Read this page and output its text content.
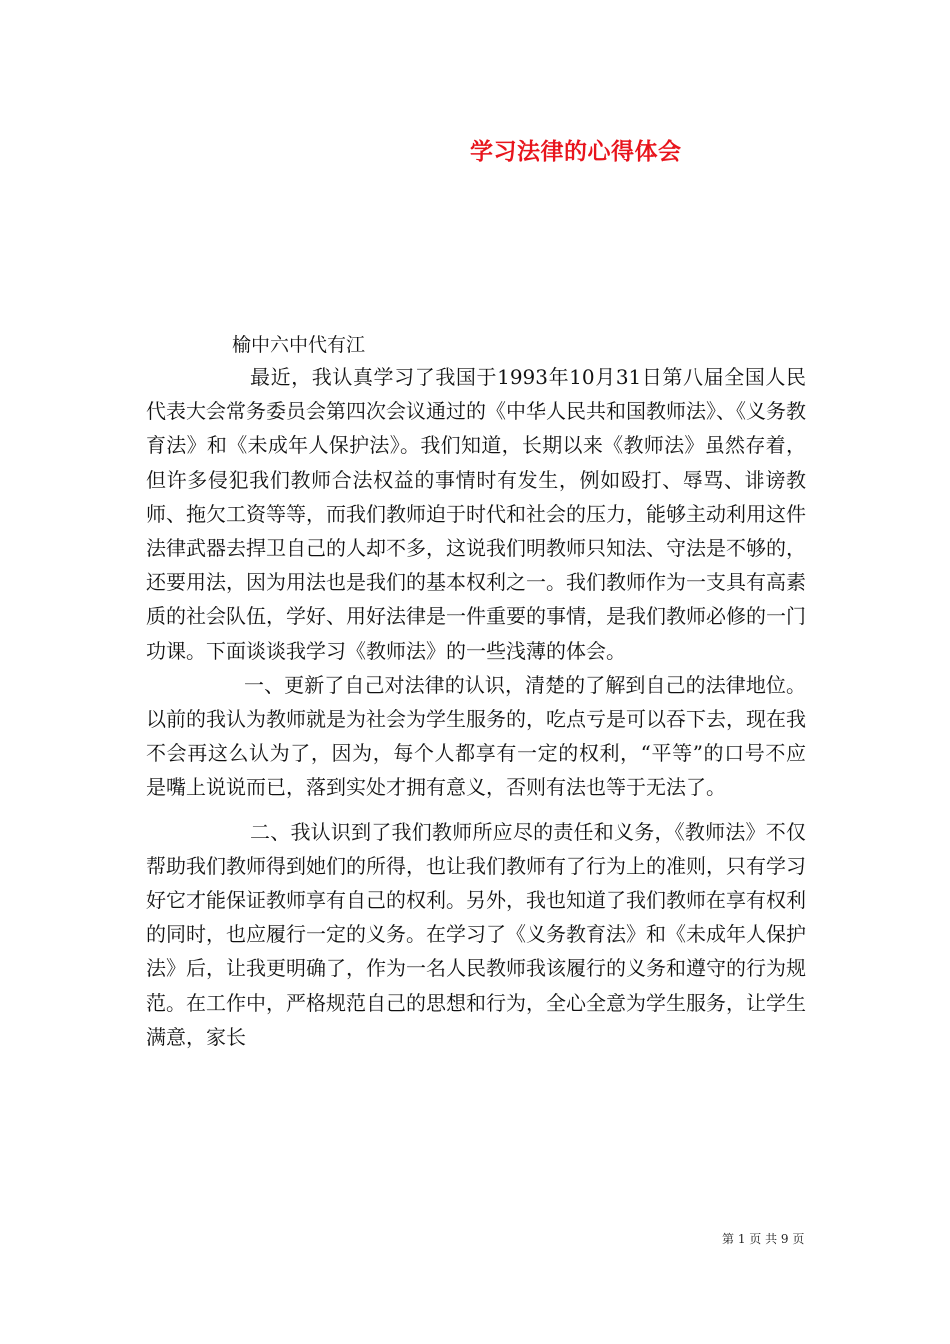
学习法律的心得体会
榆中六中代有江

最近，我认真学习了我国于1993年10月31日第八届全国人民代表大会常务委员会第四次会议通过的《中华人民共和国教师法》、《义务教育法》和《未成年人保护法》。我们知道，长期以来《教师法》虽然存着，但许多侵犯我们教师合法权益的事情时有发生，例如殴打、辱骂、诽谤教师、拖欠工资等等，而我们教师迫于时代和社会的压力，能够主动利用这件法律武器去捍卫自己的人却不多，这说我们明教师只知法、守法是不够的，还要用法，因为用法也是我们的基本权利之一。我们教师作为一支具有高素质的社会队伍，学好、用好法律是一件重要的事情，是我们教师必修的一门功课。下面谈谈我学习《教师法》的一些浅薄的体会。

一、更新了自己对法律的认识，清楚的了解到自己的法律地位。以前的我认为教师就是为社会为学生服务的，吃点亏是可以吞下去，现在我不会再这么认为了，因为，每个人都享有一定的权利，“平等”的口号不应是嘴上说说而已，落到实处才拥有意义，否则有法也等于无法了。

二、我认识到了我们教师所应尽的责任和义务，《教师法》不仅帮助我们教师得到她们的所得，也让我们教师有了行为上的准则，只有学习好它才能保证教师享有自己的权利。另外，我也知道了我们教师在享有权利的同时，也应履行一定的义务。在学习了《义务教育法》和《未成年人保护法》后，让我更明确了，作为一名人民教师我该履行的义务和遵守的行为规范。在工作中，严格规范自己的思想和行为，全心全意为学生服务，让学生满意，家长

第 1 页 共 9 页
